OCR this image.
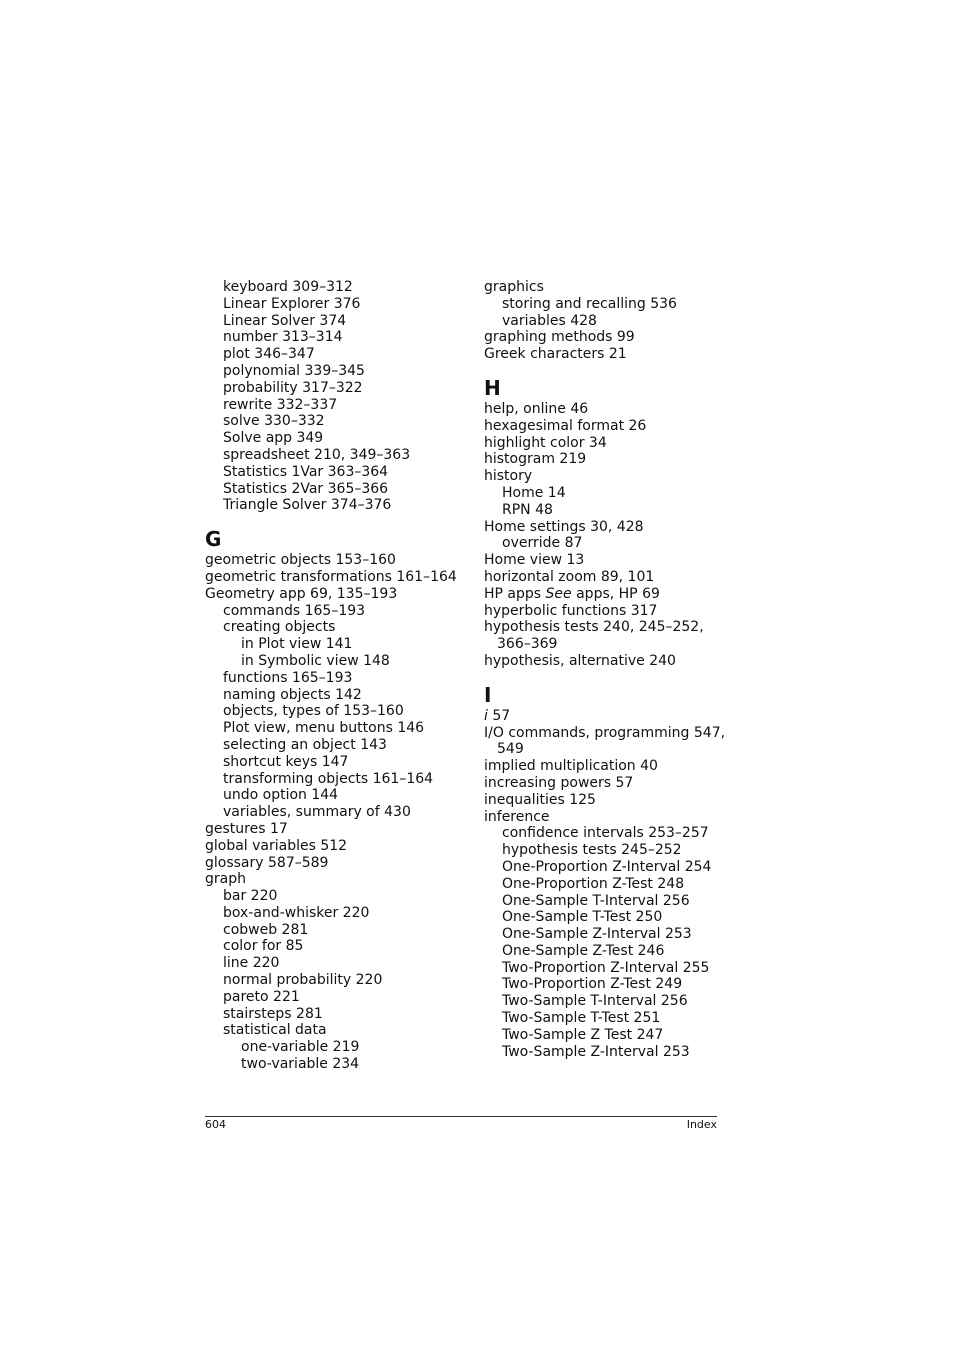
keyboard 309–312
Linear Explorer 376
Linear Solver 374
number 313–314
plot 346–347
polynomial 339–345
probability 317–322
rewrite 332–337
solve 330–332
Solve app 349
spreadsheet 210, 349–363
Statistics 1Var 363–364
Statistics 2Var 365–366
Triangle Solver 374–376
G
geometric objects 153–160
geometric transformations 161–164
Geometry app 69, 135–193
commands 165–193
creating objects
in Plot view 141
in Symbolic view 148
functions 165–193
naming objects 142
objects, types of 153–160
Plot view, menu buttons 146
selecting an object 143
shortcut keys 147
transforming objects 161–164
undo option 144
variables, summary of 430
gestures 17
global variables 512
glossary 587–589
graph
bar 220
box-and-whisker 220
cobweb 281
color for 85
line 220
normal probability 220
pareto 221
stairsteps 281
statistical data
one-variable 219
two-variable 234
graphics
storing and recalling 536
variables 428
graphing methods 99
Greek characters 21
H
help, online 46
hexagesimal format 26
highlight color 34
histogram 219
history
Home 14
RPN 48
Home settings 30, 428
override 87
Home view 13
horizontal zoom 89, 101
HP apps See apps, HP 69
hyperbolic functions 317
hypothesis tests 240, 245–252,
366–369
hypothesis, alternative 240
I
i 57
I/O commands, programming 547,
549
implied multiplication 40
increasing powers 57
inequalities 125
inference
confidence intervals 253–257
hypothesis tests 245–252
One-Proportion Z-Interval 254
One-Proportion Z-Test 248
One-Sample T-Interval 256
One-Sample T-Test 250
One-Sample Z-Interval 253
One-Sample Z-Test 246
Two-Proportion Z-Interval 255
Two-Proportion Z-Test 249
Two-Sample T-Interval 256
Two-Sample T-Test 251
Two-Sample Z Test 247
Two-Sample Z-Interval 253
604	Index
